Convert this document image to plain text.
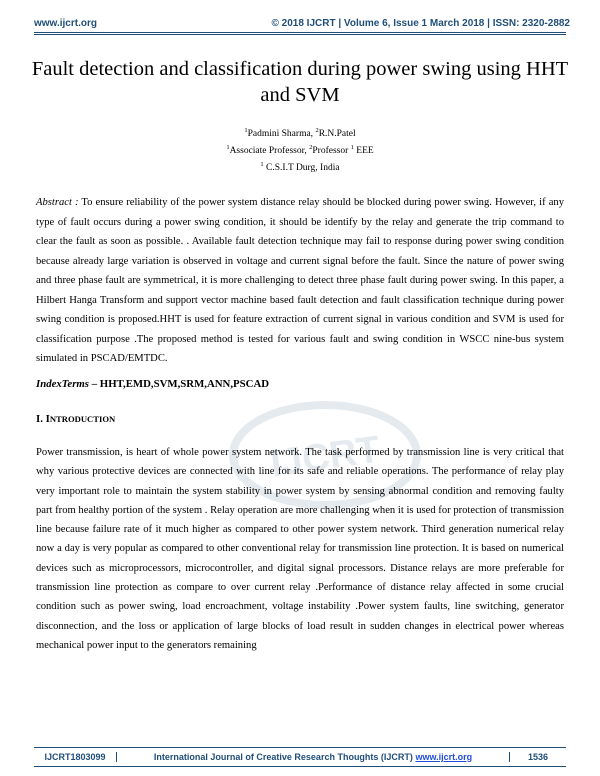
www.ijcrt.org	© 2018 IJCRT | Volume 6, Issue 1 March 2018 | ISSN: 2320-2882
Fault detection and classification during power swing using HHT and SVM
$^1$Padmini Sharma, $^2$R.N.Patel
$^1$Associate Professor, $^2$Professor $^1$ EEE
$^1$ C.S.I.T Durg, India
IJCRT

Abstract : To ensure reliability of the power system distance relay should be blocked during power swing. However, if any type of fault occurs during a power swing condition, it should be identify by the relay and generate the trip command to clear the fault as soon as possible. . Available fault detection technique may fail to response during power swing condition because already large variation is observed in voltage and current signal before the fault. Since the nature of power swing and three phase fault are symmetrical, it is more challenging to detect three phase fault during power swing. In this paper, a Hilbert Hanga Transform and support vector machine based fault detection and fault classification technique during power swing condition is proposed.HHT is used for feature extraction of current signal in various condition and SVM is used for classification purpose .The proposed method is tested for various fault and swing condition in WSCC nine-bus system simulated in PSCAD/EMTDC.

IndexTerms – HHT,EMD,SVM,SRM,ANN,PSCAD
I. INTRODUCTION

Power transmission, is heart of whole power system network. The task performed by transmission line is very critical that why various protective devices are connected with line for its safe and reliable operations. The performance of relay play very important role to maintain the system stability in power system by sensing abnormal condition and removing faulty part from healthy portion of the system . Relay operation are more challenging when it is used for protection of transmission line because failure rate of it much higher as compared to other power system network. Third generation numerical relay now a day is very popular as compared to other conventional relay for transmission line protection. It is based on numerical devices such as microprocessors, microcontroller, and digital signal processors. Distance relays are more preferable for transmission line protection as compare to over current relay .Performance of distance relay affected in some crucial condition such as power swing, load encroachment, voltage instability .Power system faults, line switching, generator disconnection, and the loss or application of large blocks of load result in sudden changes in electrical power whereas mechanical power input to the generators remaining

IJCRT1803099	International Journal of Creative Research Thoughts (IJCRT) www.ijcrt.org	1536
